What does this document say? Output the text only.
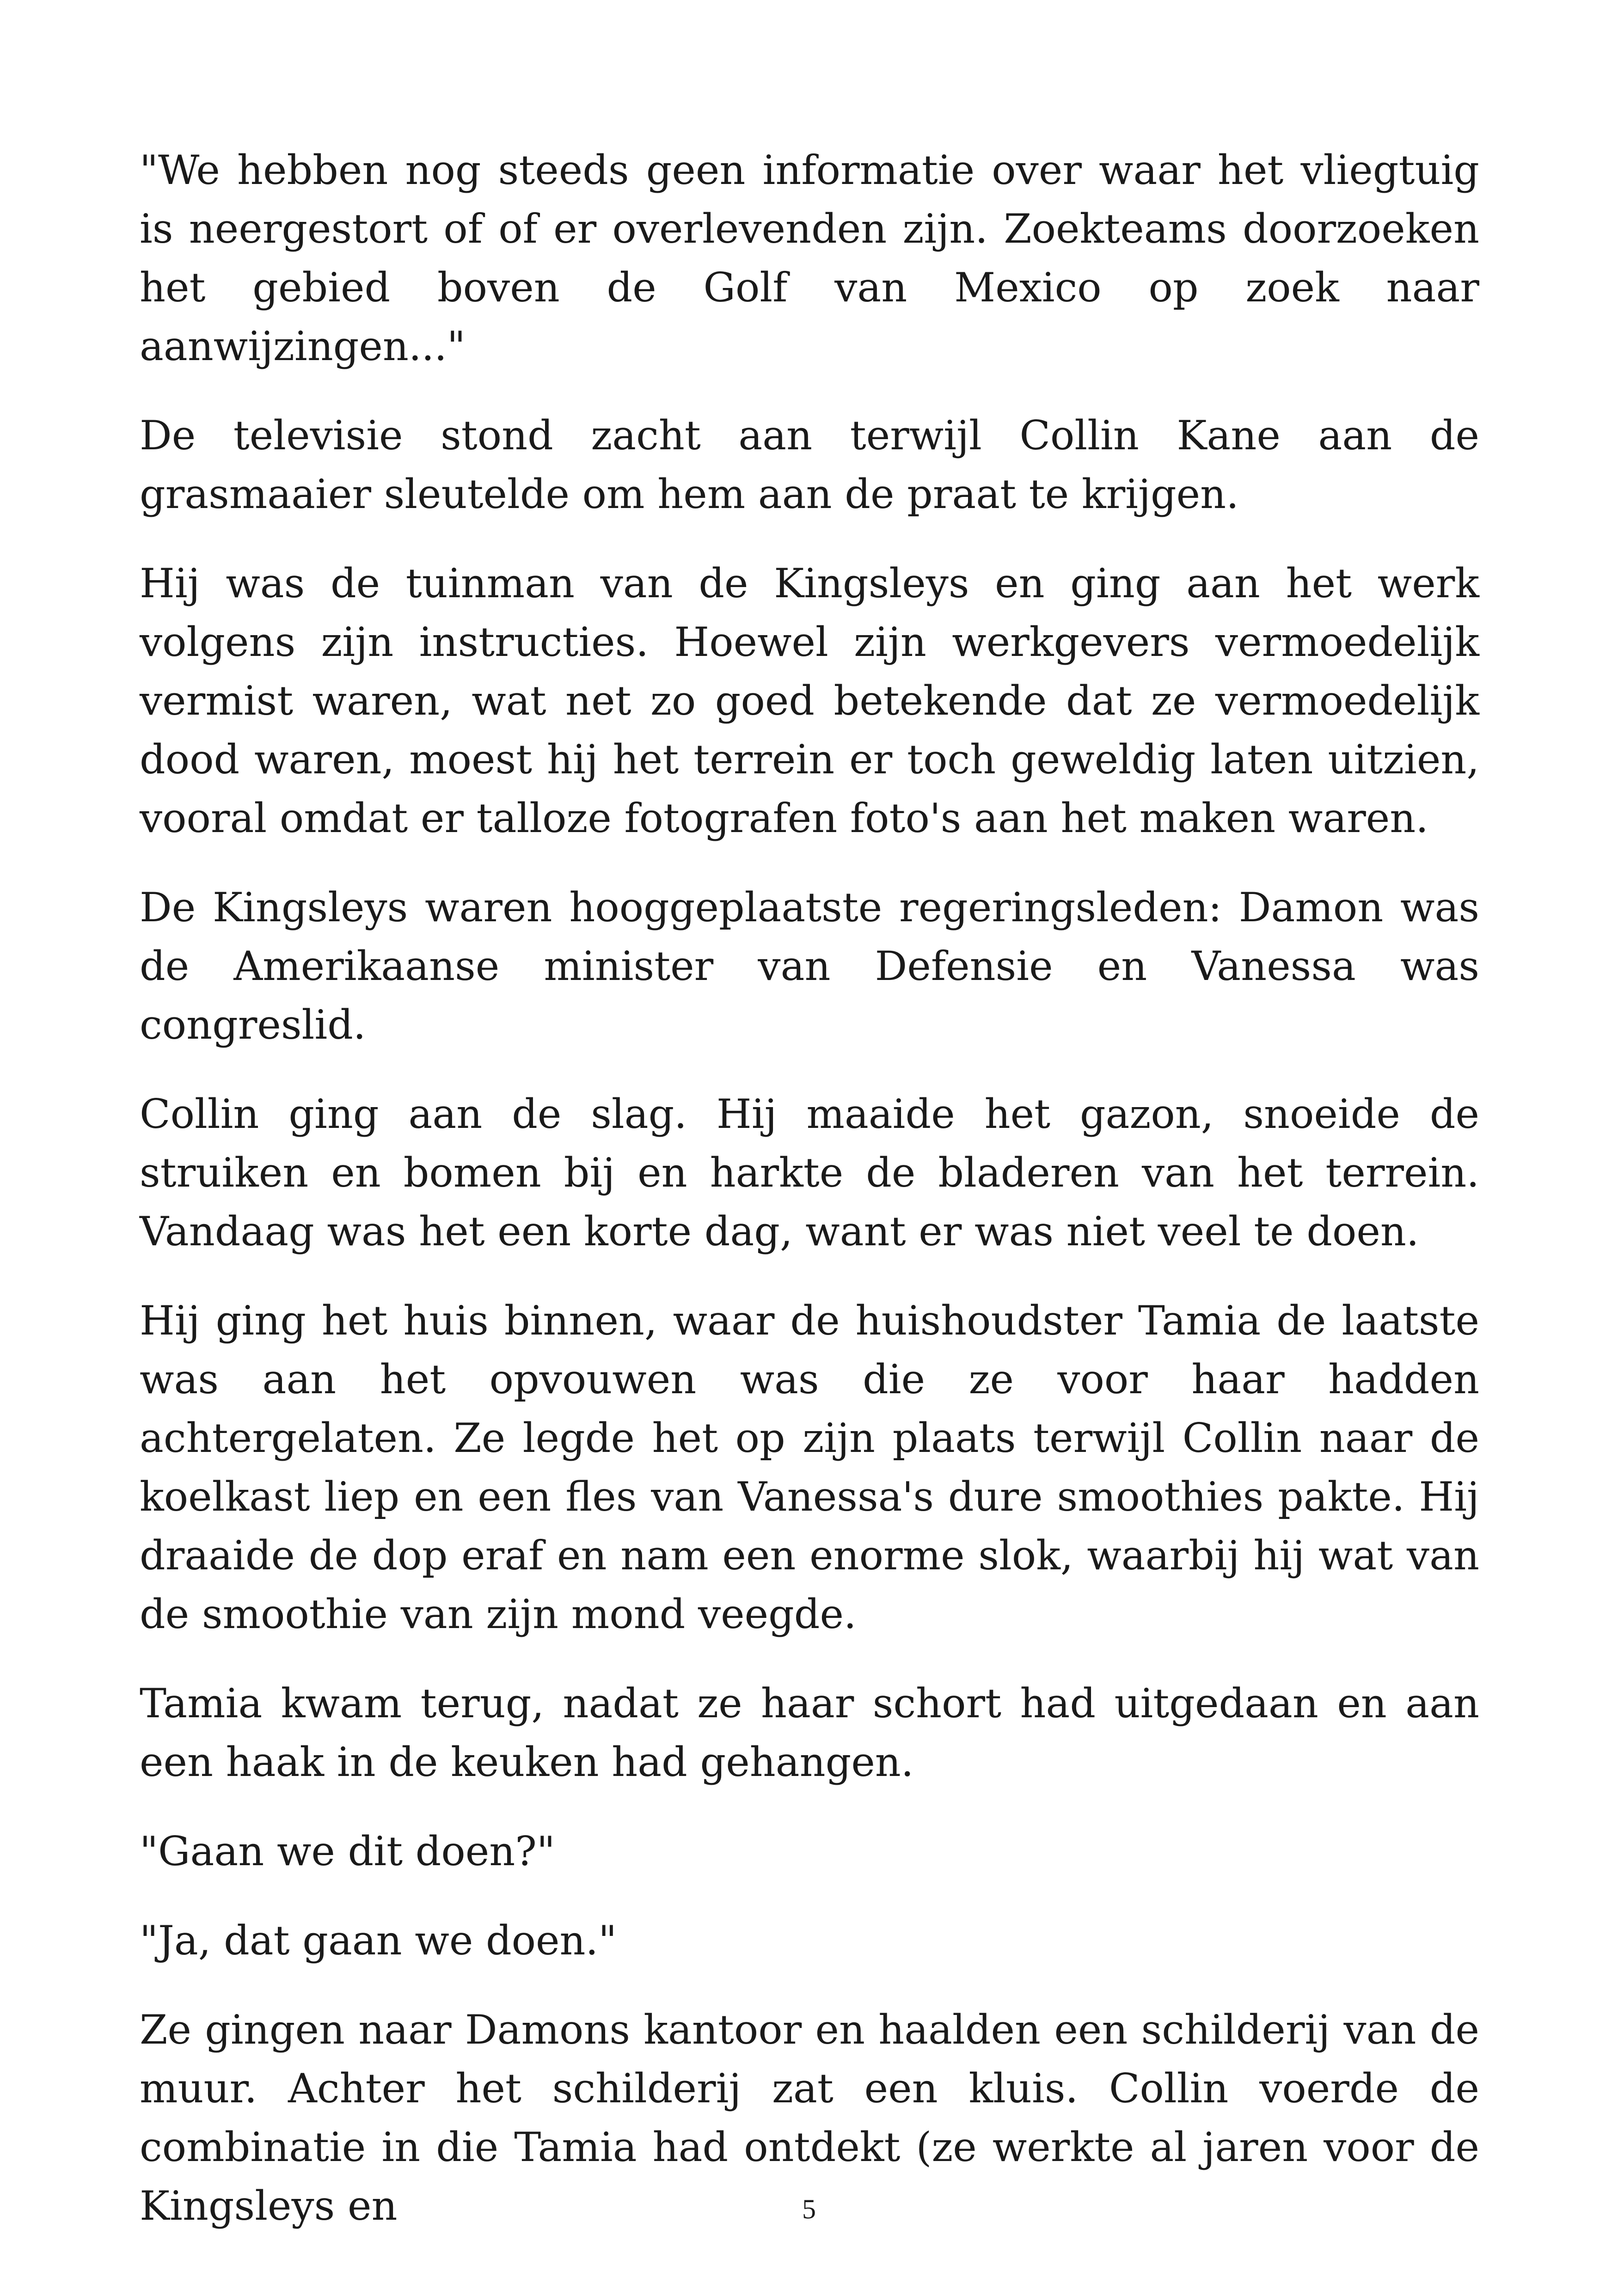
"We hebben nog steeds geen informatie over waar het vliegtuig is neergestort of of er overlevenden zijn. Zoekteams doorzoeken het gebied boven de Golf van Mexico op zoek naar aanwijzingen..."

De televisie stond zacht aan terwijl Collin Kane aan de grasmaaier sleutelde om hem aan de praat te krijgen.

Hij was de tuinman van de Kingsleys en ging aan het werk volgens zijn instructies. Hoewel zijn werkgevers vermoedelijk vermist waren, wat net zo goed betekende dat ze vermoedelijk dood waren, moest hij het terrein er toch geweldig laten uitzien, vooral omdat er talloze fotografen foto's aan het maken waren.

De Kingsleys waren hooggeplaatste regeringsleden: Damon was de Amerikaanse minister van Defensie en Vanessa was congreslid.

Collin ging aan de slag. Hij maaide het gazon, snoeide de struiken en bomen bij en harkte de bladeren van het terrein. Vandaag was het een korte dag, want er was niet veel te doen.

Hij ging het huis binnen, waar de huishoudster Tamia de laatste was aan het opvouwen was die ze voor haar hadden achtergelaten. Ze legde het op zijn plaats terwijl Collin naar de koelkast liep en een fles van Vanessa's dure smoothies pakte. Hij draaide de dop eraf en nam een enorme slok, waarbij hij wat van de smoothie van zijn mond veegde.

Tamia kwam terug, nadat ze haar schort had uitgedaan en aan een haak in de keuken had gehangen.

"Gaan we dit doen?"

"Ja, dat gaan we doen."

Ze gingen naar Damons kantoor en haalden een schilderij van de muur. Achter het schilderij zat een kluis. Collin voerde de combinatie in die Tamia had ontdekt (ze werkte al jaren voor de Kingsleys en	5
